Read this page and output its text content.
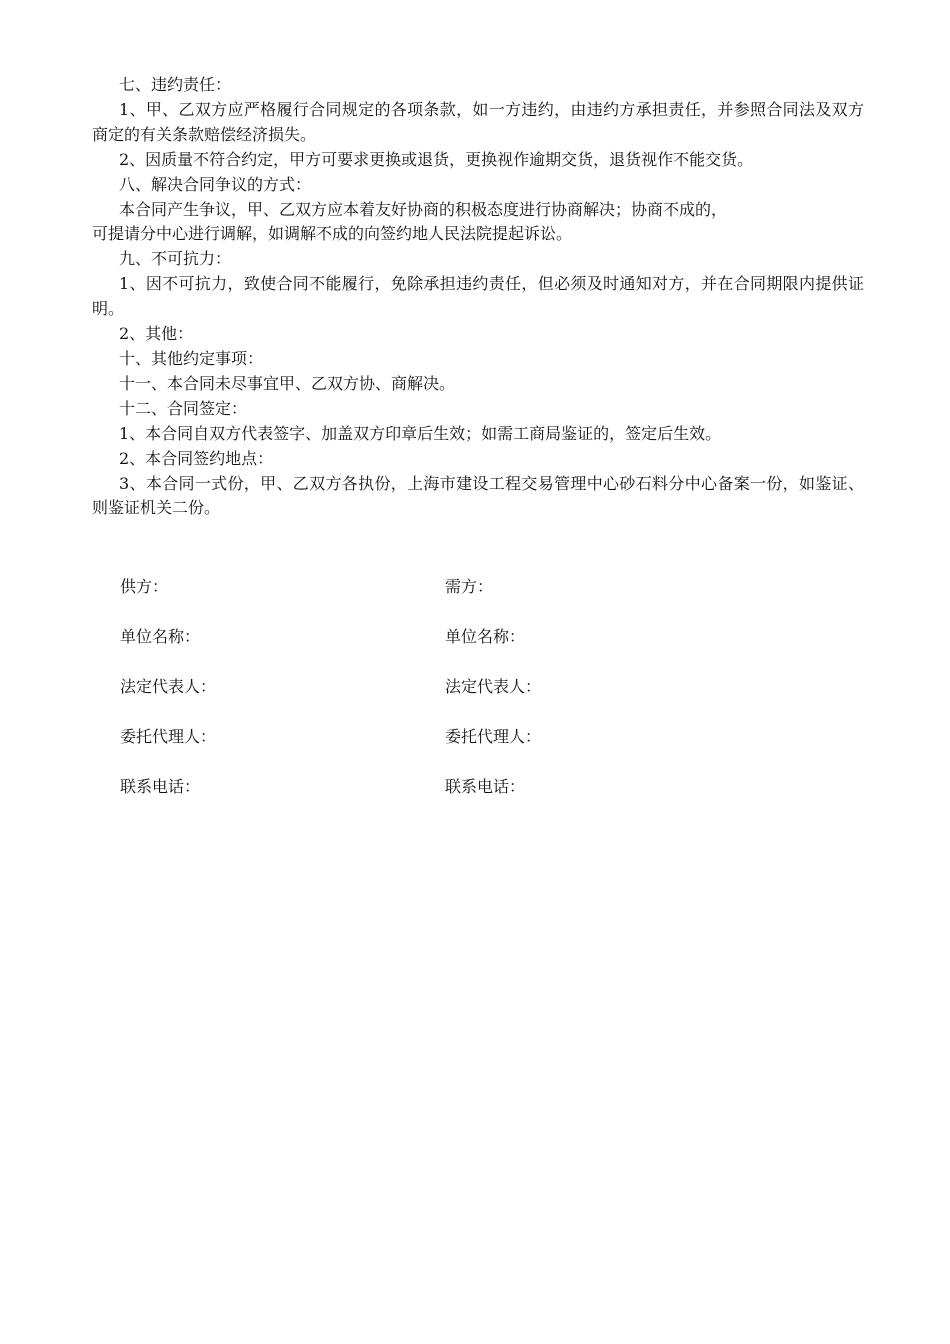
七、违约责任：

1、甲、乙双方应严格履行合同规定的各项条款，如一方违约，由违约方承担责任，并参照合同法及双方商定的有关条款赔偿经济损失。

2、因质量不符合约定，甲方可要求更换或退货，更换视作逾期交货，退货视作不能交货。

八、解决合同争议的方式：

本合同产生争议，甲、乙双方应本着友好协商的积极态度进行协商解决；协商不成的，

可提请分中心进行调解，如调解不成的向签约地人民法院提起诉讼。

九、不可抗力：

1、因不可抗力，致使合同不能履行，免除承担违约责任，但必须及时通知对方，并在合同期限内提供证明。

2、其他：

十、其他约定事项：

十一、本合同未尽事宜甲、乙双方协、商解决。

十二、合同签定：

1、本合同自双方代表签字、加盖双方印章后生效；如需工商局鉴证的，签定后生效。

2、本合同签约地点：

3、本合同一式份，甲、乙双方各执份，上海市建设工程交易管理中心砂石料分中心备案一份，如鉴证、则鉴证机关二份。

供方：	需方：
单位名称：	单位名称：
法定代表人：	法定代表人：
委托代理人：	委托代理人：
联系电话：	联系电话：
